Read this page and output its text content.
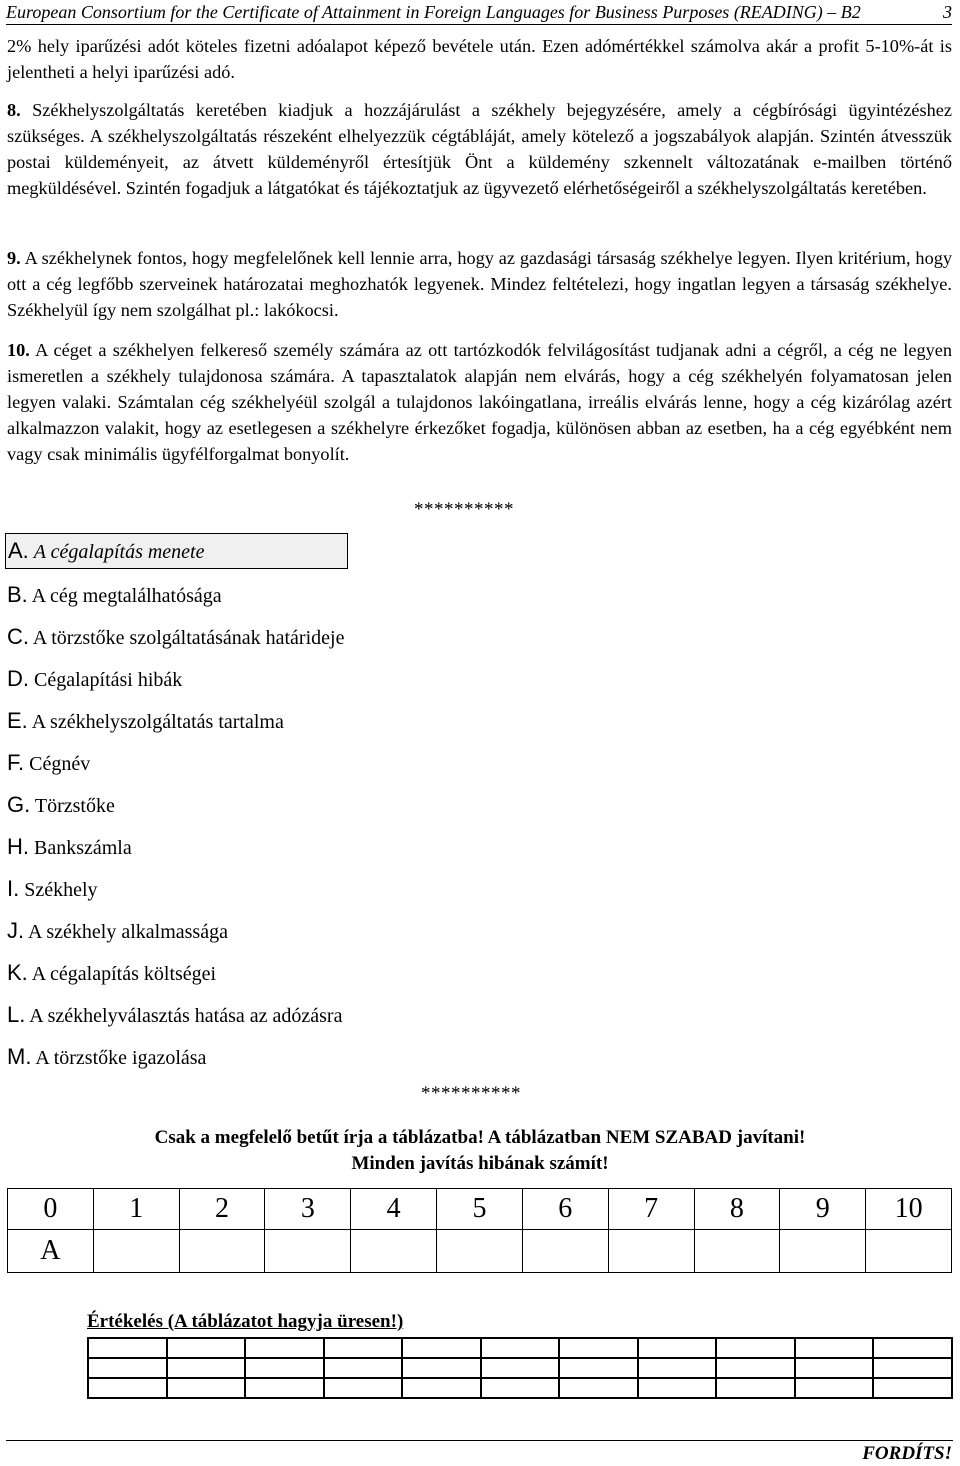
European Consortium for the Certificate of Attainment in Foreign Languages for Business Purposes (READING) – B2	3

2% hely iparűzési adót köteles fizetni adóalapot képező bevétele után. Ezen adómértékkel számolva akár a profit 5-10%-át is jelentheti a helyi iparűzési adó.

8. Székhelyszolgáltatás keretében kiadjuk a hozzájárulást a székhely bejegyzésére, amely a cégbírósági ügyintézéshez szükséges. A székhelyszolgáltatás részeként elhelyezzük cégtábláját, amely kötelező a jogszabályok alapján. Szintén átvesszük postai küldeményeit, az átvett küldeményről értesítjük Önt a küldemény szkennelt változatának e-mailben történő megküldésével. Szintén fogadjuk a látgatókat és tájékoztatjuk az ügyvezető elérhetőségeiről a székhelyszolgáltatás keretében.

9. A székhelynek fontos, hogy megfelelőnek kell lennie arra, hogy az gazdasági társaság székhelye legyen. Ilyen kritérium, hogy ott a cég legfőbb szerveinek határozatai meghozhatók legyenek. Mindez feltételezi, hogy ingatlan legyen a társaság székhelye. Székhelyül így nem szolgálhat pl.: lakókocsi.

10. A céget a székhelyen felkereső személy számára az ott tartózkodók felvilágosítást tudjanak adni a cégről, a cég ne legyen ismeretlen a székhely tulajdonosa számára. A tapasztalatok alapján nem elvárás, hogy a cég székhelyén folyamatosan jelen legyen valaki. Számtalan cég székhelyéül szolgál a tulajdonos lakóingatlana, irreális elvárás lenne, hogy a cég kizárólag azért alkalmazzon valakit, hogy az esetlegesen a székhelyre érkezőket fogadja, különösen abban az esetben, ha a cég egyébként nem vagy csak minimális ügyfélforgalmat bonyolít.

**********
A. A cégalapítás menete
B. A cég megtalálhatósága
C. A törzstőke szolgáltatásának határideje
D. Cégalapítási hibák
E. A székhelyszolgáltatás tartalma
F. Cégnév
G. Törzstőke
H. Bankszámla
I. Székhely
J. A székhely alkalmassága
K. A cégalapítás költségei
L. A székhelyválasztás hatása az adózásra
M. A törzstőke igazolása
**********
Csak a megfelelő betűt írja a táblázatba! A táblázatban NEM SZABAD javítani!
Minden javítás hibának számít!
0	1	2	3	4	5	6	7	8	9	10
A										
Értékelés (A táblázatot hagyja üresen!)

FORDÍTS!
